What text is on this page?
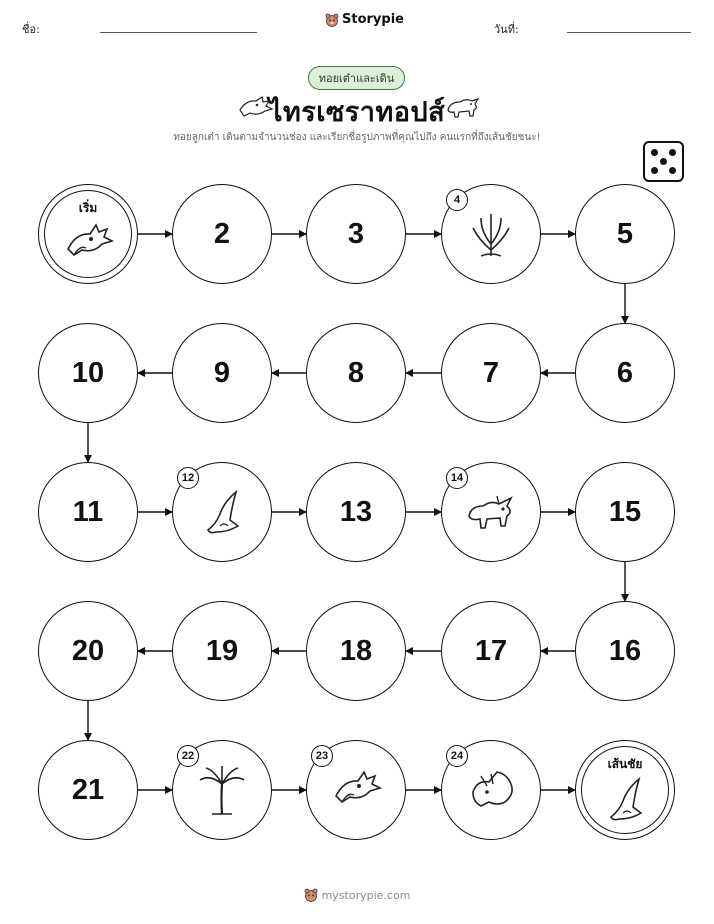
ชื่อ:
Storypie
วันที่:
ทอยเต๋าและเดิน
ไทรเซราทอปส์
ทอยลูกเต๋า เดินตามจำนวนช่อง และเรียกชื่อรูปภาพที่คุณไปถึง คนแรกที่ถึงเส้นชัยชนะ!
เริ่ม
2	3
4
5
6
7
8
9
10
11
12
13
14
15
16
17
18
19
20
21
22	23	24
เส้นชัย
mystorypie.com
